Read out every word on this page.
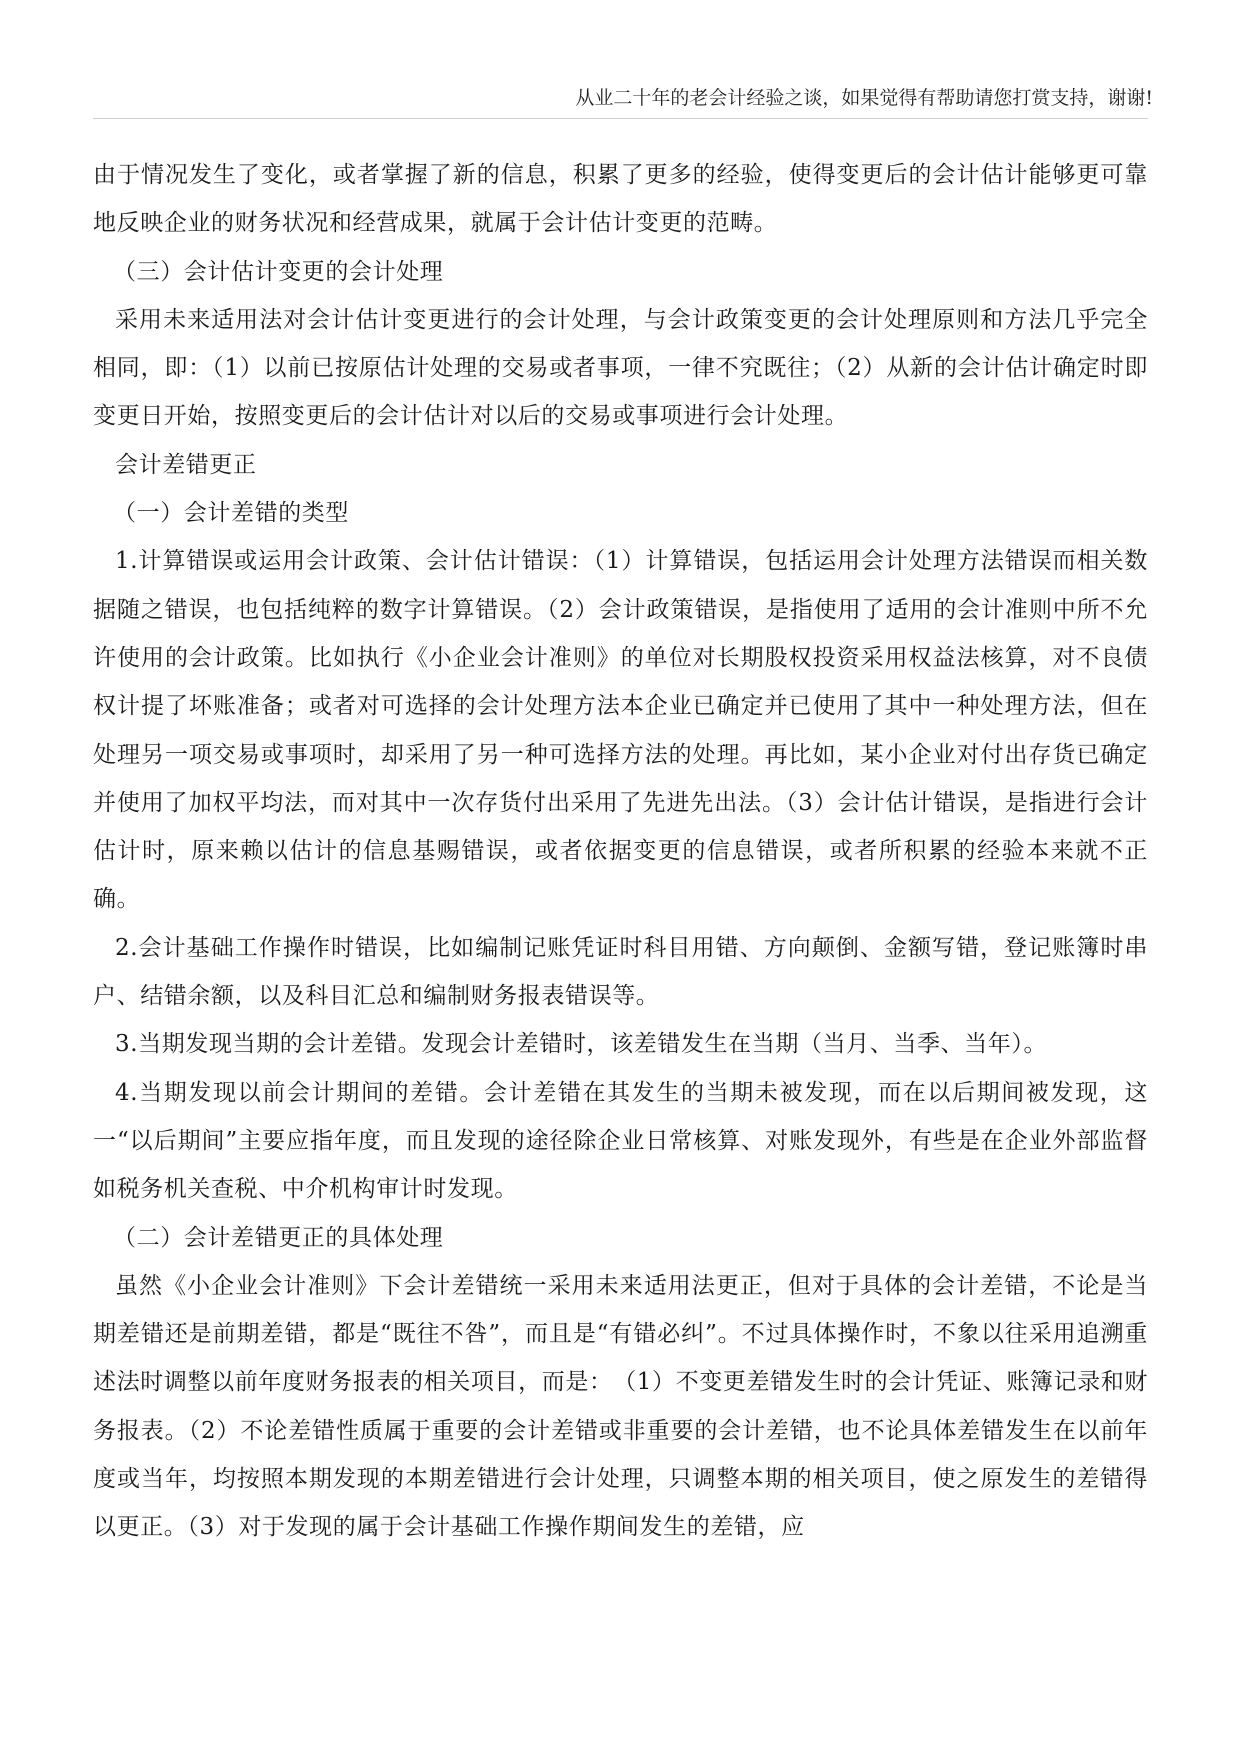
从业二十年的老会计经验之谈，如果觉得有帮助请您打赏支持，谢谢!

由于情况发生了变化，或者掌握了新的信息，积累了更多的经验，使得变更后的会计估计能够更可靠地反映企业的财务状况和经营成果，就属于会计估计变更的范畴。

（三）会计估计变更的会计处理

采用未来适用法对会计估计变更进行的会计处理，与会计政策变更的会计处理原则和方法几乎完全相同，即：（1）以前已按原估计处理的交易或者事项，一律不究既往；（2）从新的会计估计确定时即变更日开始，按照变更后的会计估计对以后的交易或事项进行会计处理。

会计差错更正

（一）会计差错的类型

1.计算错误或运用会计政策、会计估计错误：（1）计算错误，包括运用会计处理方法错误而相关数据随之错误，也包括纯粹的数字计算错误。（2）会计政策错误，是指使用了适用的会计准则中所不允许使用的会计政策。比如执行《小企业会计准则》的单位对长期股权投资采用权益法核算，对不良债权计提了坏账准备；或者对可选择的会计处理方法本企业已确定并已使用了其中一种处理方法，但在处理另一项交易或事项时，却采用了另一种可选择方法的处理。再比如，某小企业对付出存货已确定并使用了加权平均法，而对其中一次存货付出采用了先进先出法。（3）会计估计错误，是指进行会计估计时，原来赖以估计的信息基赐错误，或者依据变更的信息错误，或者所积累的经验本来就不正确。

2.会计基础工作操作时错误，比如编制记账凭证时科目用错、方向颠倒、金额写错，登记账簿时串户、结错余额，以及科目汇总和编制财务报表错误等。

3.当期发现当期的会计差错。发现会计差错时，该差错发生在当期（当月、当季、当年）。

4.当期发现以前会计期间的差错。会计差错在其发生的当期未被发现，而在以后期间被发现，这一“以后期间”主要应指年度，而且发现的途径除企业日常核算、对账发现外，有些是在企业外部监督如税务机关查税、中介机构审计时发现。

（二）会计差错更正的具体处理

虽然《小企业会计准则》下会计差错统一采用未来适用法更正，但对于具体的会计差错，不论是当期差错还是前期差错，都是“既往不咎”，而且是“有错必纠”。不过具体操作时，不象以往采用追溯重述法时调整以前年度财务报表的相关项目，而是：　（1）不变更差错发生时的会计凭证、账簿记录和财务报表。（2）不论差错性质属于重要的会计差错或非重要的会计差错，也不论具体差错发生在以前年度或当年，均按照本期发现的本期差错进行会计处理，只调整本期的相关项目，使之原发生的差错得以更正。（3）对于发现的属于会计基础工作操作期间发生的差错，应
